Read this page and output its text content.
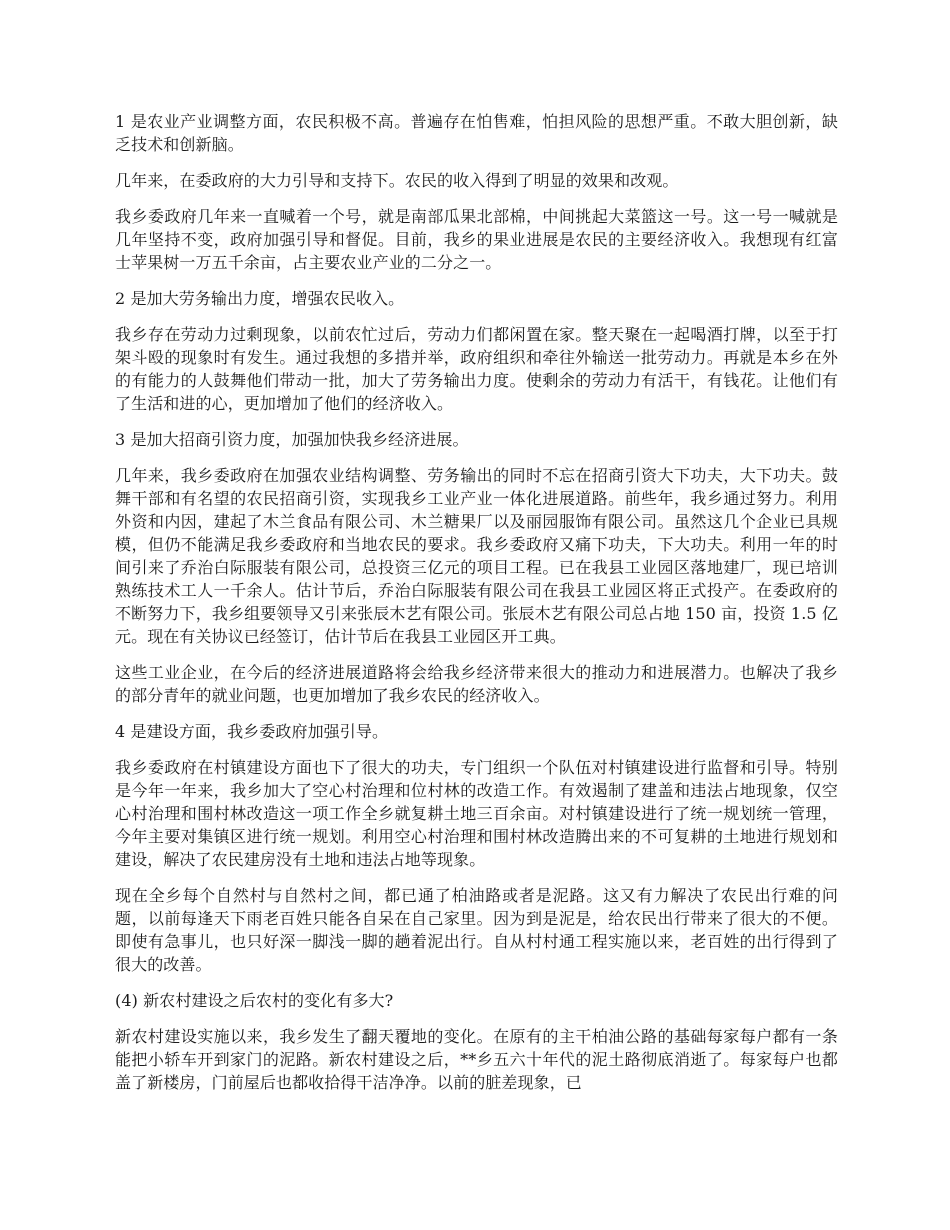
1 是农业产业调整方面，农民积极不高。普遍存在怕售难，怕担风险的思想严重。不敢大胆创新，缺乏技术和创新脑。

几年来，在委政府的大力引导和支持下。农民的收入得到了明显的效果和改观。

我乡委政府几年来一直喊着一个号，就是南部瓜果北部棉，中间挑起大菜篮这一号。这一号一喊就是几年坚持不变，政府加强引导和督促。目前，我乡的果业进展是农民的主要经济收入。我想现有红富士苹果树一万五千余亩，占主要农业产业的二分之一。

2 是加大劳务输出力度，增强农民收入。

我乡存在劳动力过剩现象，以前农忙过后，劳动力们都闲置在家。整天聚在一起喝酒打牌，以至于打架斗殴的现象时有发生。通过我想的多措并举，政府组织和牵往外输送一批劳动力。再就是本乡在外的有能力的人鼓舞他们带动一批，加大了劳务输出力度。使剩余的劳动力有活干，有钱花。让他们有了生活和进的心，更加增加了他们的经济收入。

3 是加大招商引资力度，加强加快我乡经济进展。

几年来，我乡委政府在加强农业结构调整、劳务输出的同时不忘在招商引资大下功夫，大下功夫。鼓舞干部和有名望的农民招商引资，实现我乡工业产业一体化进展道路。前些年，我乡通过努力。利用外资和内因，建起了木兰食品有限公司、木兰糖果厂以及丽园服饰有限公司。虽然这几个企业已具规模，但仍不能满足我乡委政府和当地农民的要求。我乡委政府又痛下功夫，下大功夫。利用一年的时间引来了乔治白际服装有限公司，总投资三亿元的项目工程。已在我县工业园区落地建厂，现已培训熟练技术工人一千余人。估计节后，乔治白际服装有限公司在我县工业园区将正式投产。在委政府的不断努力下，我乡组要领导又引来张辰木艺有限公司。张辰木艺有限公司总占地 150 亩，投资 1.5 亿元。现在有关协议已经签订，估计节后在我县工业园区开工典。

这些工业企业，在今后的经济进展道路将会给我乡经济带来很大的推动力和进展潜力。也解决了我乡的部分青年的就业问题，也更加增加了我乡农民的经济收入。

4 是建设方面，我乡委政府加强引导。

我乡委政府在村镇建设方面也下了很大的功夫，专门组织一个队伍对村镇建设进行监督和引导。特别是今年一年来，我乡加大了空心村治理和位村林的改造工作。有效遏制了建盖和违法占地现象，仅空心村治理和围村林改造这一项工作全乡就复耕土地三百余亩。对村镇建设进行了统一规划统一管理，今年主要对集镇区进行统一规划。利用空心村治理和围村林改造腾出来的不可复耕的土地进行规划和建设，解决了农民建房没有土地和违法占地等现象。

现在全乡每个自然村与自然村之间，都已通了柏油路或者是泥路。这又有力解决了农民出行难的问题，以前每逢天下雨老百姓只能各自呆在自己家里。因为到是泥是，给农民出行带来了很大的不便。即使有急事儿，也只好深一脚浅一脚的趟着泥出行。自从村村通工程实施以来，老百姓的出行得到了很大的改善。

(4) 新农村建设之后农村的变化有多大?

新农村建设实施以来，我乡发生了翻天覆地的变化。在原有的主干柏油公路的基础每家每户都有一条能把小轿车开到家门的泥路。新农村建设之后，**乡五六十年代的泥土路彻底消逝了。每家每户也都盖了新楼房，门前屋后也都收拾得干洁净净。以前的脏差现象，已
